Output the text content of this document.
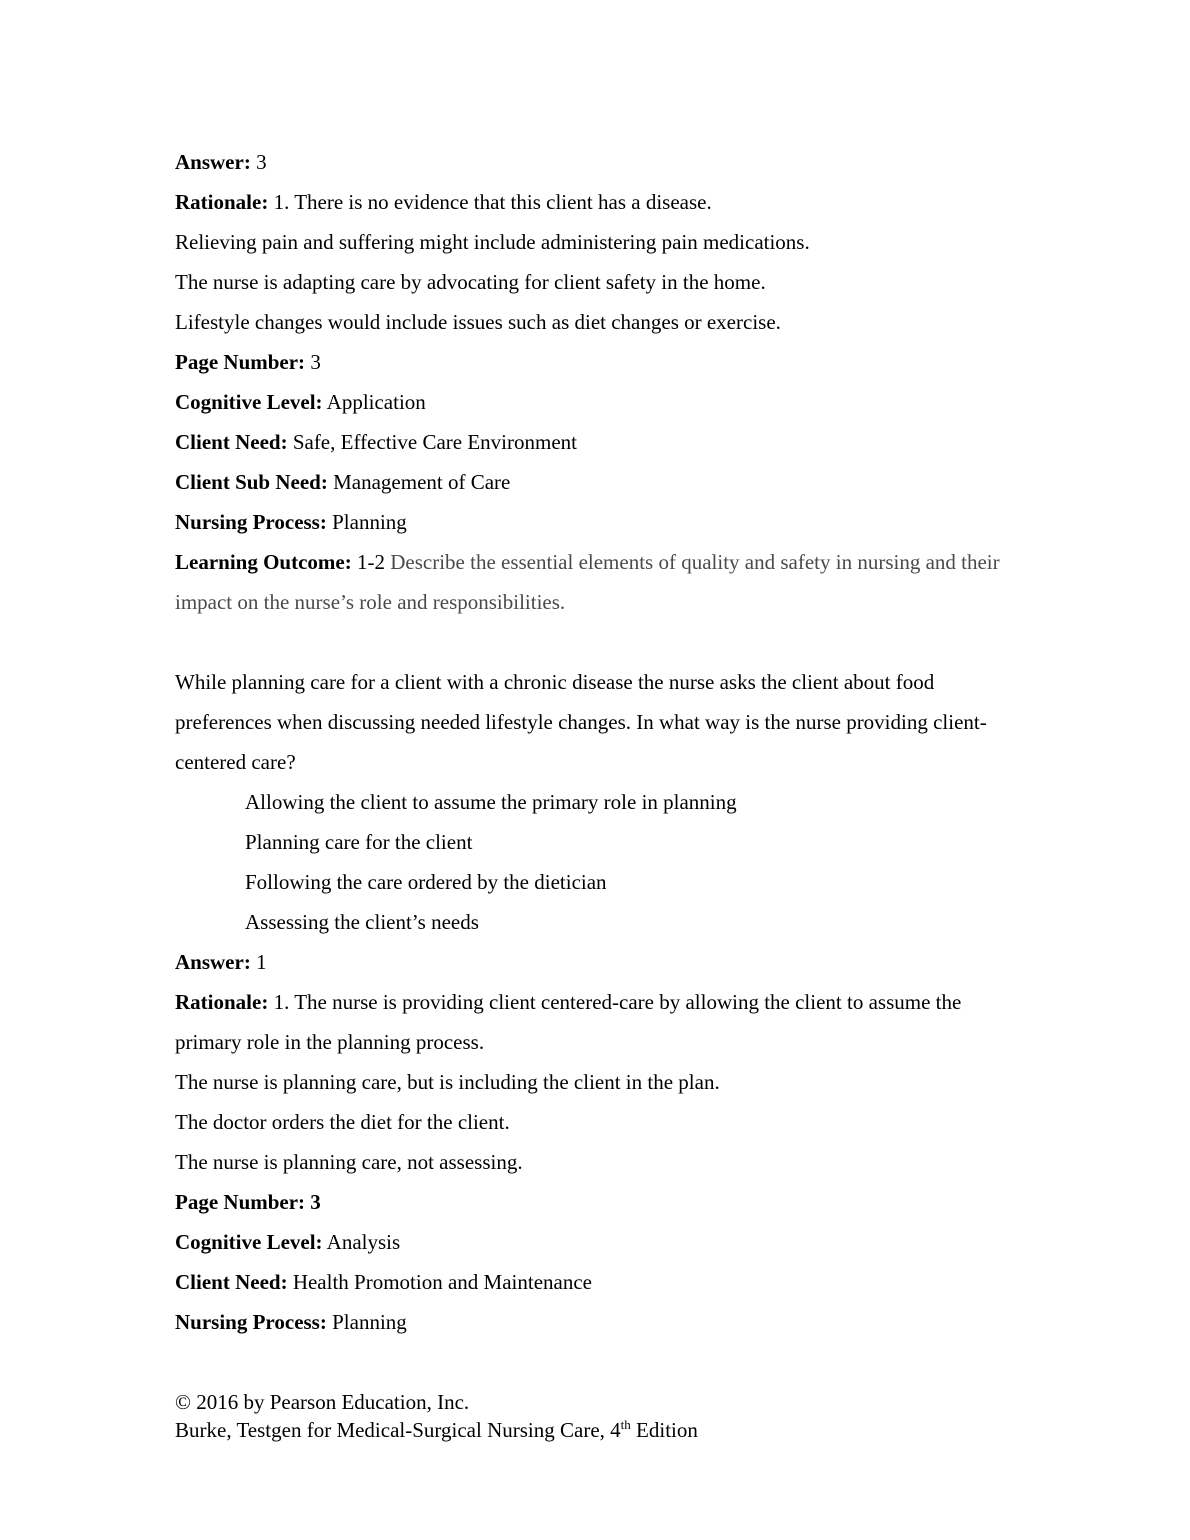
Answer: 3

Rationale: 1. There is no evidence that this client has a disease.

Relieving pain and suffering might include administering pain medications.

The nurse is adapting care by advocating for client safety in the home.

Lifestyle changes would include issues such as diet changes or exercise.

Page Number: 3

Cognitive Level: Application

Client Need: Safe, Effective Care Environment

Client Sub Need: Management of Care

Nursing Process: Planning

Learning Outcome: 1-2 Describe the essential elements of quality and safety in nursing and their impact on the nurse’s role and responsibilities.

While planning care for a client with a chronic disease the nurse asks the client about food preferences when discussing needed lifestyle changes. In what way is the nurse providing client-centered care?

Allowing the client to assume the primary role in planning

Planning care for the client

Following the care ordered by the dietician

Assessing the client’s needs

Answer: 1

Rationale: 1. The nurse is providing client centered-care by allowing the client to assume the primary role in the planning process.

The nurse is planning care, but is including the client in the plan.

The doctor orders the diet for the client.

The nurse is planning care, not assessing.

Page Number: 3

Cognitive Level: Analysis

Client Need: Health Promotion and Maintenance

Nursing Process: Planning

© 2016 by Pearson Education, Inc.

Burke, Testgen for Medical-Surgical Nursing Care, 4th Edition
